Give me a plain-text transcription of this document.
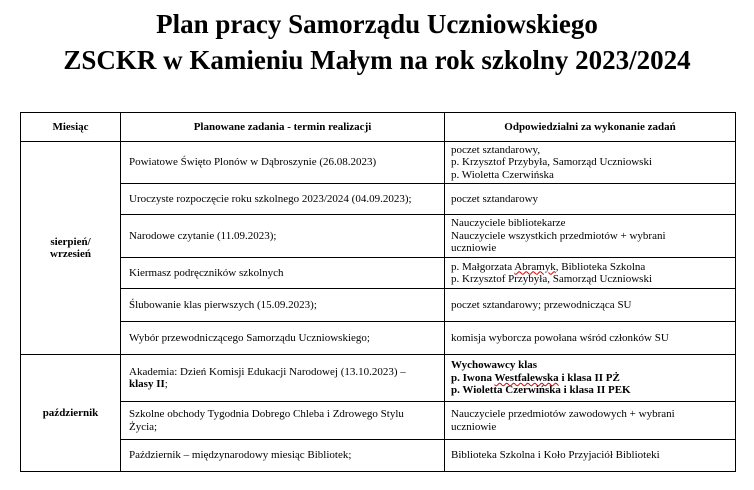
Plan pracy Samorządu Uczniowskiego
ZSCKR w Kamieniu Małym na rok szkolny 2023/2024
Miesiąc	Planowane zadania - termin realizacji	Odpowiedzialni za wykonanie zadań

sierpień/
wrzesień	Powiatowe Święto Plonów w Dąbroszynie (26.08.2023)	poczet sztandarowy,
p. Krzysztof Przybyła, Samorząd Uczniowski
p. Wioletta Czerwińska

	Uroczyste rozpoczęcie roku szkolnego 2023/2024 (04.09.2023);	poczet sztandarowy
	Narodowe czytanie (11.09.2023);	Nauczyciele bibliotekarze
Nauczyciele wszystkich przedmiotów + wybrani
uczniowie

	Kiermasz podręczników szkolnych	p. Małgorzata Abramyk, Biblioteka Szkolna
p. Krzysztof Przybyła, Samorząd Uczniowski

	Ślubowanie klas pierwszych (15.09.2023);	poczet sztandarowy; przewodnicząca SU
	Wybór przewodniczącego Samorządu Uczniowskiego;	komisja wyborcza powołana wśród członków SU
październik	Akademia: Dzień Komisji Edukacji Narodowej (13.10.2023) –
klasy II;	Wychowawcy klas
p. Iwona Westfalewska i klasa II PŻ
p. Wioletta Czerwińska i klasa II PEK

	Szkolne obchody Tygodnia Dobrego Chleba i Zdrowego Stylu
Życia;	Nauczyciele przedmiotów zawodowych + wybrani
uczniowie

	Październik – międzynarodowy miesiąc Bibliotek;	Biblioteka Szkolna i Koło Przyjaciół Biblioteki
